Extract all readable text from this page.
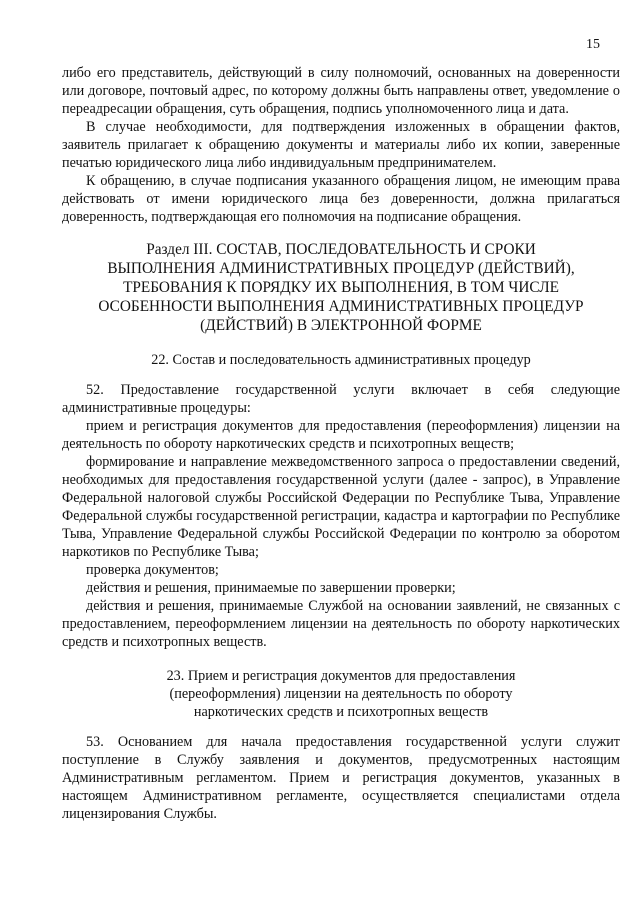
15

либо его представитель, действующий в силу полномочий, основанных на доверенности или договоре, почтовый адрес, по которому должны быть направлены ответ, уведомление о переадресации обращения, суть обращения, подпись уполномоченного лица и дата.

В случае необходимости, для подтверждения изложенных в обращении фактов, заявитель прилагает к обращению документы и материалы либо их копии, заверенные печатью юридического лица либо индивидуальным предпринимателем.

К обращению, в случае подписания указанного обращения лицом, не имеющим права действовать от имени юридического лица без доверенности, должна прилагаться доверенность, подтверждающая его полномочия на подписание обращения.

Раздел III. СОСТАВ, ПОСЛЕДОВАТЕЛЬНОСТЬ И СРОКИ
ВЫПОЛНЕНИЯ АДМИНИСТРАТИВНЫХ ПРОЦЕДУР (ДЕЙСТВИЙ),
ТРЕБОВАНИЯ К ПОРЯДКУ ИХ ВЫПОЛНЕНИЯ, В ТОМ ЧИСЛЕ
ОСОБЕННОСТИ ВЫПОЛНЕНИЯ АДМИНИСТРАТИВНЫХ ПРОЦЕДУР
(ДЕЙСТВИЙ) В ЭЛЕКТРОННОЙ ФОРМЕ
22. Состав и последовательность административных процедур

52. Предоставление государственной услуги включает в себя следующие административные процедуры:

прием и регистрация документов для предоставления (переоформления) лицензии на деятельность по обороту наркотических средств и психотропных веществ;

формирование и направление межведомственного запроса о предоставлении сведений, необходимых для предоставления государственной услуги (далее - запрос), в Управление Федеральной налоговой службы Российской Федерации по Республике Тыва, Управление Федеральной службы государственной регистрации, кадастра и картографии по Республике Тыва, Управление Федеральной службы Российской Федерации по контролю за оборотом наркотиков по Республике Тыва;

проверка документов;

действия и решения, принимаемые по завершении проверки;

действия и решения, принимаемые Службой на основании заявлений, не связанных с предоставлением, переоформлением лицензии на деятельность по обороту наркотических средств и психотропных веществ.

23. Прием и регистрация документов для предоставления
(переоформления) лицензии на деятельность по обороту
наркотических средств и психотропных веществ

53. Основанием для начала предоставления государственной услуги служит поступление в Службу заявления и документов, предусмотренных настоящим Административным регламентом. Прием и регистрация документов, указанных в настоящем Административном регламенте, осуществляется специалистами отдела лицензирования Службы.
